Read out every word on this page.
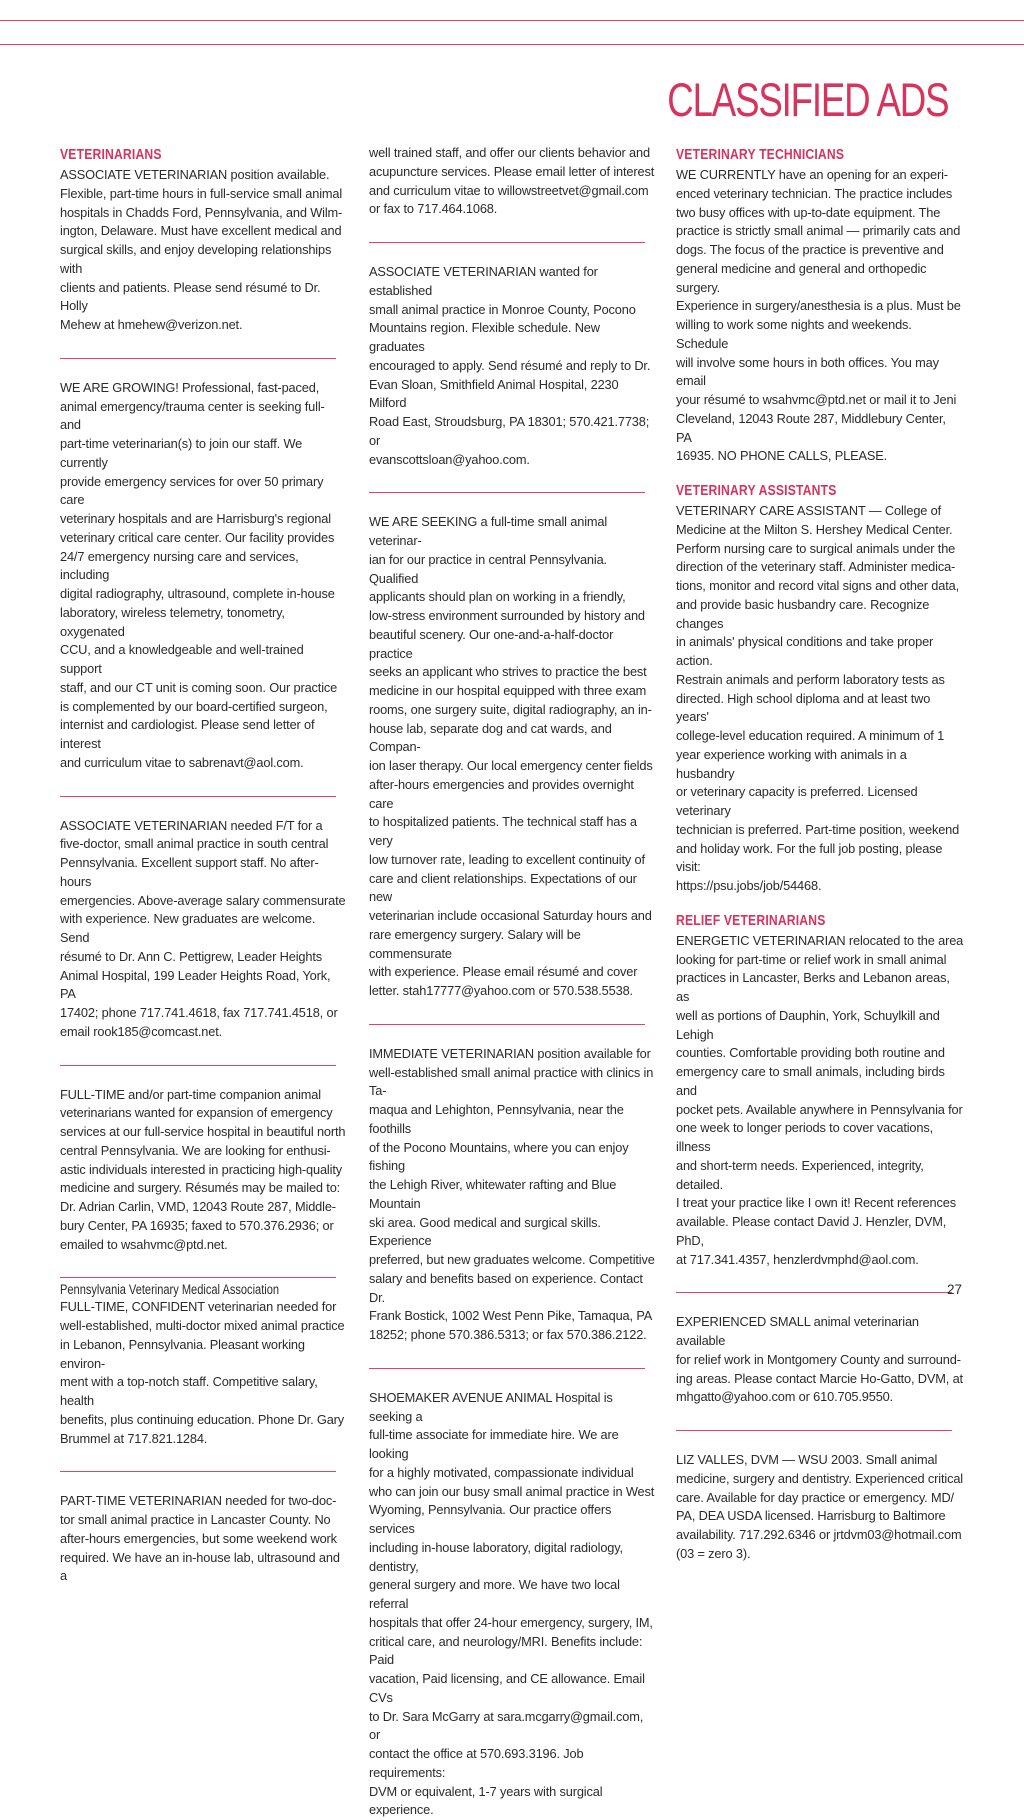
CLASSIFIED ADS
VETERINARIANS

ASSOCIATE VETERINARIAN position available.
Flexible, part-time hours in full-service small animal
hospitals in Chadds Ford, Pennsylvania, and Wilm-
ington, Delaware. Must have excellent medical and
surgical skills, and enjoy developing relationships with
clients and patients. Please send résumé to Dr. Holly
Mehew at hmehew@verizon.net.

WE ARE GROWING! Professional, fast-paced,
animal emergency/trauma center is seeking full- and
part-time veterinarian(s) to join our staff. We currently
provide emergency services for over 50 primary care
veterinary hospitals and are Harrisburg's regional
veterinary critical care center. Our facility provides
24/7 emergency nursing care and services, including
digital radiography, ultrasound, complete in-house
laboratory, wireless telemetry, tonometry, oxygenated
CCU, and a knowledgeable and well-trained support
staff, and our CT unit is coming soon. Our practice
is complemented by our board-certified surgeon,
internist and cardiologist. Please send letter of interest
and curriculum vitae to sabrenavt@aol.com.

ASSOCIATE VETERINARIAN needed F/T for a
five-doctor, small animal practice in south central
Pennsylvania. Excellent support staff. No after-hours
emergencies. Above-average salary commensurate
with experience. New graduates are welcome. Send
résumé to Dr. Ann C. Pettigrew, Leader Heights
Animal Hospital, 199 Leader Heights Road, York, PA
17402; phone 717.741.4618, fax 717.741.4518, or
email rook185@comcast.net.

FULL-TIME and/or part-time companion animal
veterinarians wanted for expansion of emergency
services at our full-service hospital in beautiful north
central Pennsylvania. We are looking for enthusi-
astic individuals interested in practicing high-quality
medicine and surgery. Résumés may be mailed to:
Dr. Adrian Carlin, VMD, 12043 Route 287, Middle-
bury Center, PA 16935; faxed to 570.376.2936; or
emailed to wsahvmc@ptd.net.

FULL-TIME, CONFIDENT veterinarian needed for
well-established, multi-doctor mixed animal practice
in Lebanon, Pennsylvania. Pleasant working environ-
ment with a top-notch staff. Competitive salary, health
benefits, plus continuing education. Phone Dr. Gary
Brummel at 717.821.1284.

PART-TIME VETERINARIAN needed for two-doc-
tor small animal practice in Lancaster County. No
after-hours emergencies, but some weekend work
required. We have an in-house lab, ultrasound and a

well trained staff, and offer our clients behavior and
acupuncture services. Please email letter of interest
and curriculum vitae to willowstreetvet@gmail.com
or fax to 717.464.1068.

ASSOCIATE VETERINARIAN wanted for established
small animal practice in Monroe County, Pocono
Mountains region. Flexible schedule. New graduates
encouraged to apply. Send résumé and reply to Dr.
Evan Sloan, Smithfield Animal Hospital, 2230 Milford
Road East, Stroudsburg, PA 18301; 570.421.7738; or
evanscottsloan@yahoo.com.

WE ARE SEEKING a full-time small animal veterinar-
ian for our practice in central Pennsylvania. Qualified
applicants should plan on working in a friendly,
low-stress environment surrounded by history and
beautiful scenery. Our one-and-a-half-doctor practice
seeks an applicant who strives to practice the best
medicine in our hospital equipped with three exam
rooms, one surgery suite, digital radiography, an in-
house lab, separate dog and cat wards, and Compan-
ion laser therapy. Our local emergency center fields
after-hours emergencies and provides overnight care
to hospitalized patients. The technical staff has a very
low turnover rate, leading to excellent continuity of
care and client relationships. Expectations of our new
veterinarian include occasional Saturday hours and
rare emergency surgery. Salary will be commensurate
with experience. Please email résumé and cover
letter. stah17777@yahoo.com or 570.538.5538.

IMMEDIATE VETERINARIAN position available for
well-established small animal practice with clinics in Ta-
maqua and Lehighton, Pennsylvania, near the foothills
of the Pocono Mountains, where you can enjoy fishing
the Lehigh River, whitewater rafting and Blue Mountain
ski area. Good medical and surgical skills. Experience
preferred, but new graduates welcome. Competitive
salary and benefits based on experience. Contact Dr.
Frank Bostick, 1002 West Penn Pike, Tamaqua, PA
18252; phone 570.386.5313; or fax 570.386.2122.

SHOEMAKER AVENUE ANIMAL Hospital is seeking a
full-time associate for immediate hire. We are looking
for a highly motivated, compassionate individual
who can join our busy small animal practice in West
Wyoming, Pennsylvania. Our practice offers services
including in-house laboratory, digital radiology, dentistry,
general surgery and more. We have two local referral
hospitals that offer 24-hour emergency, surgery, IM,
critical care, and neurology/MRI. Benefits include: Paid
vacation, Paid licensing, and CE allowance. Email CVs
to Dr. Sara McGarry at sara.mcgarry@gmail.com, or
contact the office at 570.693.3196. Job requirements:
DVM or equivalent, 1-7 years with surgical experience.

VETERINARY TECHNICIANS

WE CURRENTLY have an opening for an experi-
enced veterinary technician. The practice includes
two busy offices with up-to-date equipment. The
practice is strictly small animal — primarily cats and
dogs. The focus of the practice is preventive and
general medicine and general and orthopedic surgery.
Experience in surgery/anesthesia is a plus. Must be
willing to work some nights and weekends. Schedule
will involve some hours in both offices. You may email
your résumé to wsahvmc@ptd.net or mail it to Jeni
Cleveland, 12043 Route 287, Middlebury Center, PA
16935. NO PHONE CALLS, PLEASE.

VETERINARY ASSISTANTS

VETERINARY CARE ASSISTANT — College of
Medicine at the Milton S. Hershey Medical Center.
Perform nursing care to surgical animals under the
direction of the veterinary staff. Administer medica-
tions, monitor and record vital signs and other data,
and provide basic husbandry care. Recognize changes
in animals' physical conditions and take proper action.
Restrain animals and perform laboratory tests as
directed. High school diploma and at least two years'
college-level education required. A minimum of 1
year experience working with animals in a husbandry
or veterinary capacity is preferred. Licensed veterinary
technician is preferred. Part-time position, weekend
and holiday work. For the full job posting, please visit:
https://psu.jobs/job/54468.

RELIEF VETERINARIANS

ENERGETIC VETERINARIAN relocated to the area
looking for part-time or relief work in small animal
practices in Lancaster, Berks and Lebanon areas, as
well as portions of Dauphin, York, Schuylkill and Lehigh
counties. Comfortable providing both routine and
emergency care to small animals, including birds and
pocket pets. Available anywhere in Pennsylvania for
one week to longer periods to cover vacations, illness
and short-term needs. Experienced, integrity, detailed.
I treat your practice like I own it! Recent references
available. Please contact David J. Henzler, DVM, PhD,
at 717.341.4357, henzlerdvmphd@aol.com.

EXPERIENCED SMALL animal veterinarian available
for relief work in Montgomery County and surround-
ing areas. Please contact Marcie Ho-Gatto, DVM, at
mhgatto@yahoo.com or 610.705.9550.

LIZ VALLES, DVM — WSU 2003. Small animal
medicine, surgery and dentistry. Experienced critical
care. Available for day practice or emergency. MD/
PA, DEA USDA licensed. Harrisburg to Baltimore
availability. 717.292.6346 or jrtdvm03@hotmail.com
(03 = zero 3).

Pennsylvania Veterinary Medical Association	27
